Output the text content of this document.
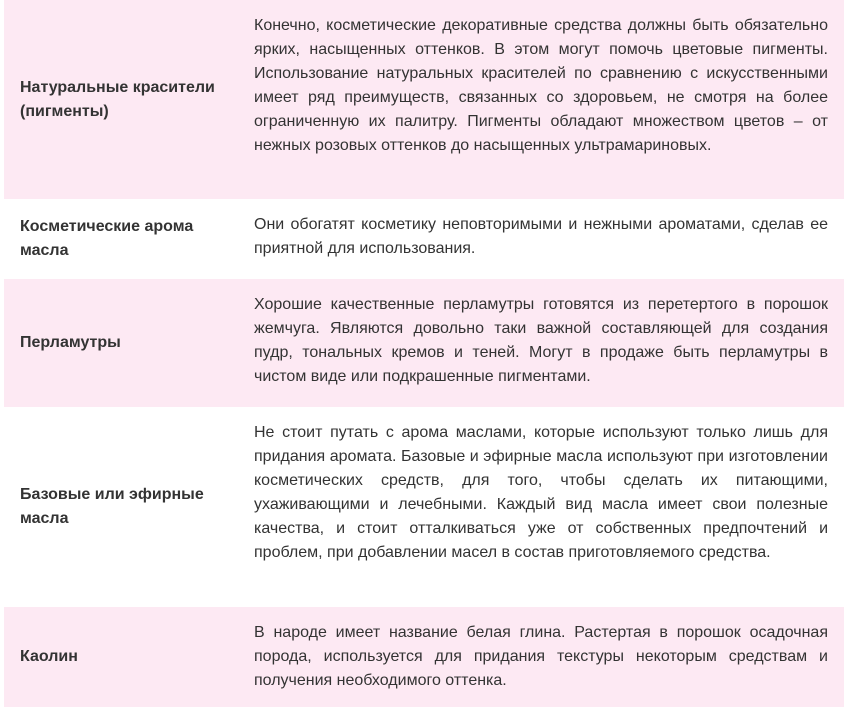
Натуральные красители (пигменты)
Конечно, косметические декоративные средства должны быть обязательно ярких, насыщенных оттенков. В этом могут помочь цветовые пигменты. Использование натуральных красителей по сравнению с искусственными имеет ряд преимуществ, связанных со здоровьем, не смотря на более ограниченную их палитру. Пигменты обладают множеством цветов – от нежных розовых оттенков до насыщенных ультрамариновых.
Косметические арома масла
Они обогатят косметику неповторимыми и нежными ароматами, сделав ее приятной для использования.
Перламутры
Хорошие качественные перламутры готовятся из перетертого в порошок жемчуга. Являются довольно таки важной составляющей для создания пудр, тональных кремов и теней. Могут в продаже быть перламутры в чистом виде или подкрашенные пигментами.
Базовые или эфирные масла
Не стоит путать с арома маслами, которые используют только лишь для придания аромата. Базовые и эфирные масла используют при изготовлении косметических средств, для того, чтобы сделать их питающими, ухаживающими и лечебными. Каждый вид масла имеет свои полезные качества, и стоит отталкиваться уже от собственных предпочтений и проблем, при добавлении масел в состав приготовляемого средства.
Каолин
В народе имеет название белая глина. Растертая в порошок осадочная порода, используется для придания текстуры некоторым средствам и получения необходимого оттенка.
